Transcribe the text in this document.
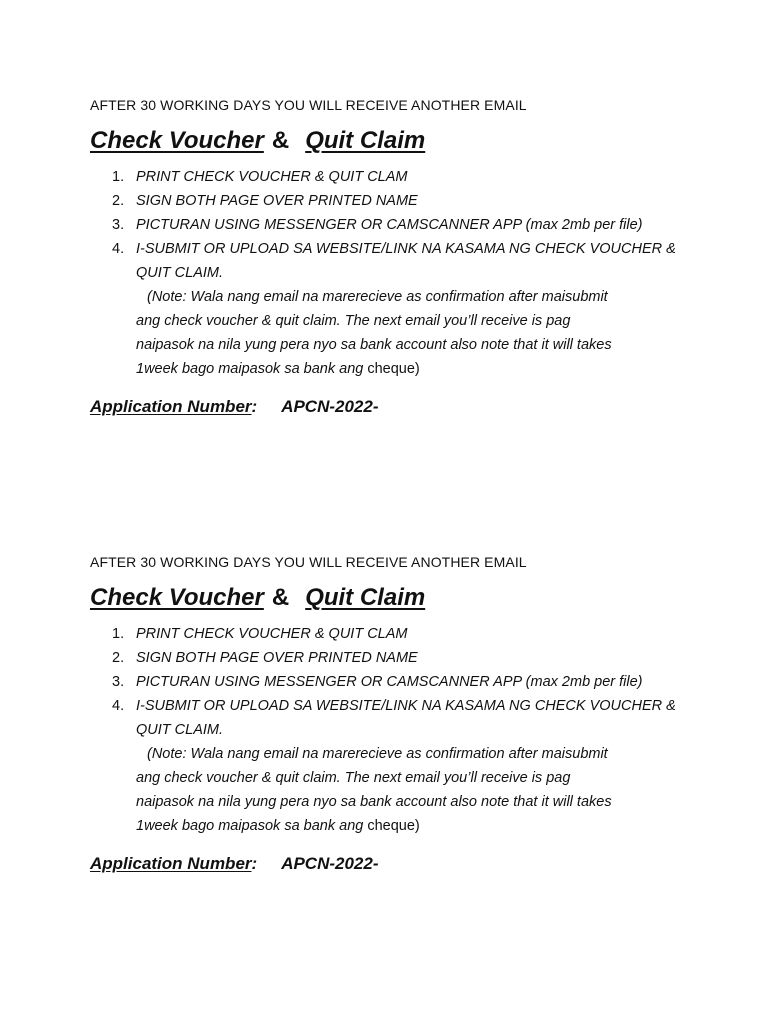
AFTER 30 WORKING DAYS YOU WILL RECEIVE ANOTHER EMAIL

Check Voucher & Quit Claim
1. PRINT CHECK VOUCHER & QUIT CLAM
2. SIGN BOTH PAGE OVER PRINTED NAME
3. PICTURAN USING MESSENGER OR CAMSCANNER APP (max 2mb per file)
4. I-SUBMIT OR UPLOAD SA WEBSITE/LINK NA KASAMA NG CHECK VOUCHER & QUIT CLAIM.

(Note: Wala nang email na marerecieve as confirmation after maisubmit
ang check voucher & quit claim. The next email you’ll receive is pag
naipasok na nila yung pera nyo sa bank account also note that it will takes
1week bago maipasok sa bank ang cheque)

Application Number: APCN-2022-

AFTER 30 WORKING DAYS YOU WILL RECEIVE ANOTHER EMAIL

Check Voucher & Quit Claim
1. PRINT CHECK VOUCHER & QUIT CLAM
2. SIGN BOTH PAGE OVER PRINTED NAME
3. PICTURAN USING MESSENGER OR CAMSCANNER APP (max 2mb per file)
4. I-SUBMIT OR UPLOAD SA WEBSITE/LINK NA KASAMA NG CHECK VOUCHER & QUIT CLAIM.

(Note: Wala nang email na marerecieve as confirmation after maisubmit
ang check voucher & quit claim. The next email you’ll receive is pag
naipasok na nila yung pera nyo sa bank account also note that it will takes
1week bago maipasok sa bank ang cheque)

Application Number: APCN-2022-
